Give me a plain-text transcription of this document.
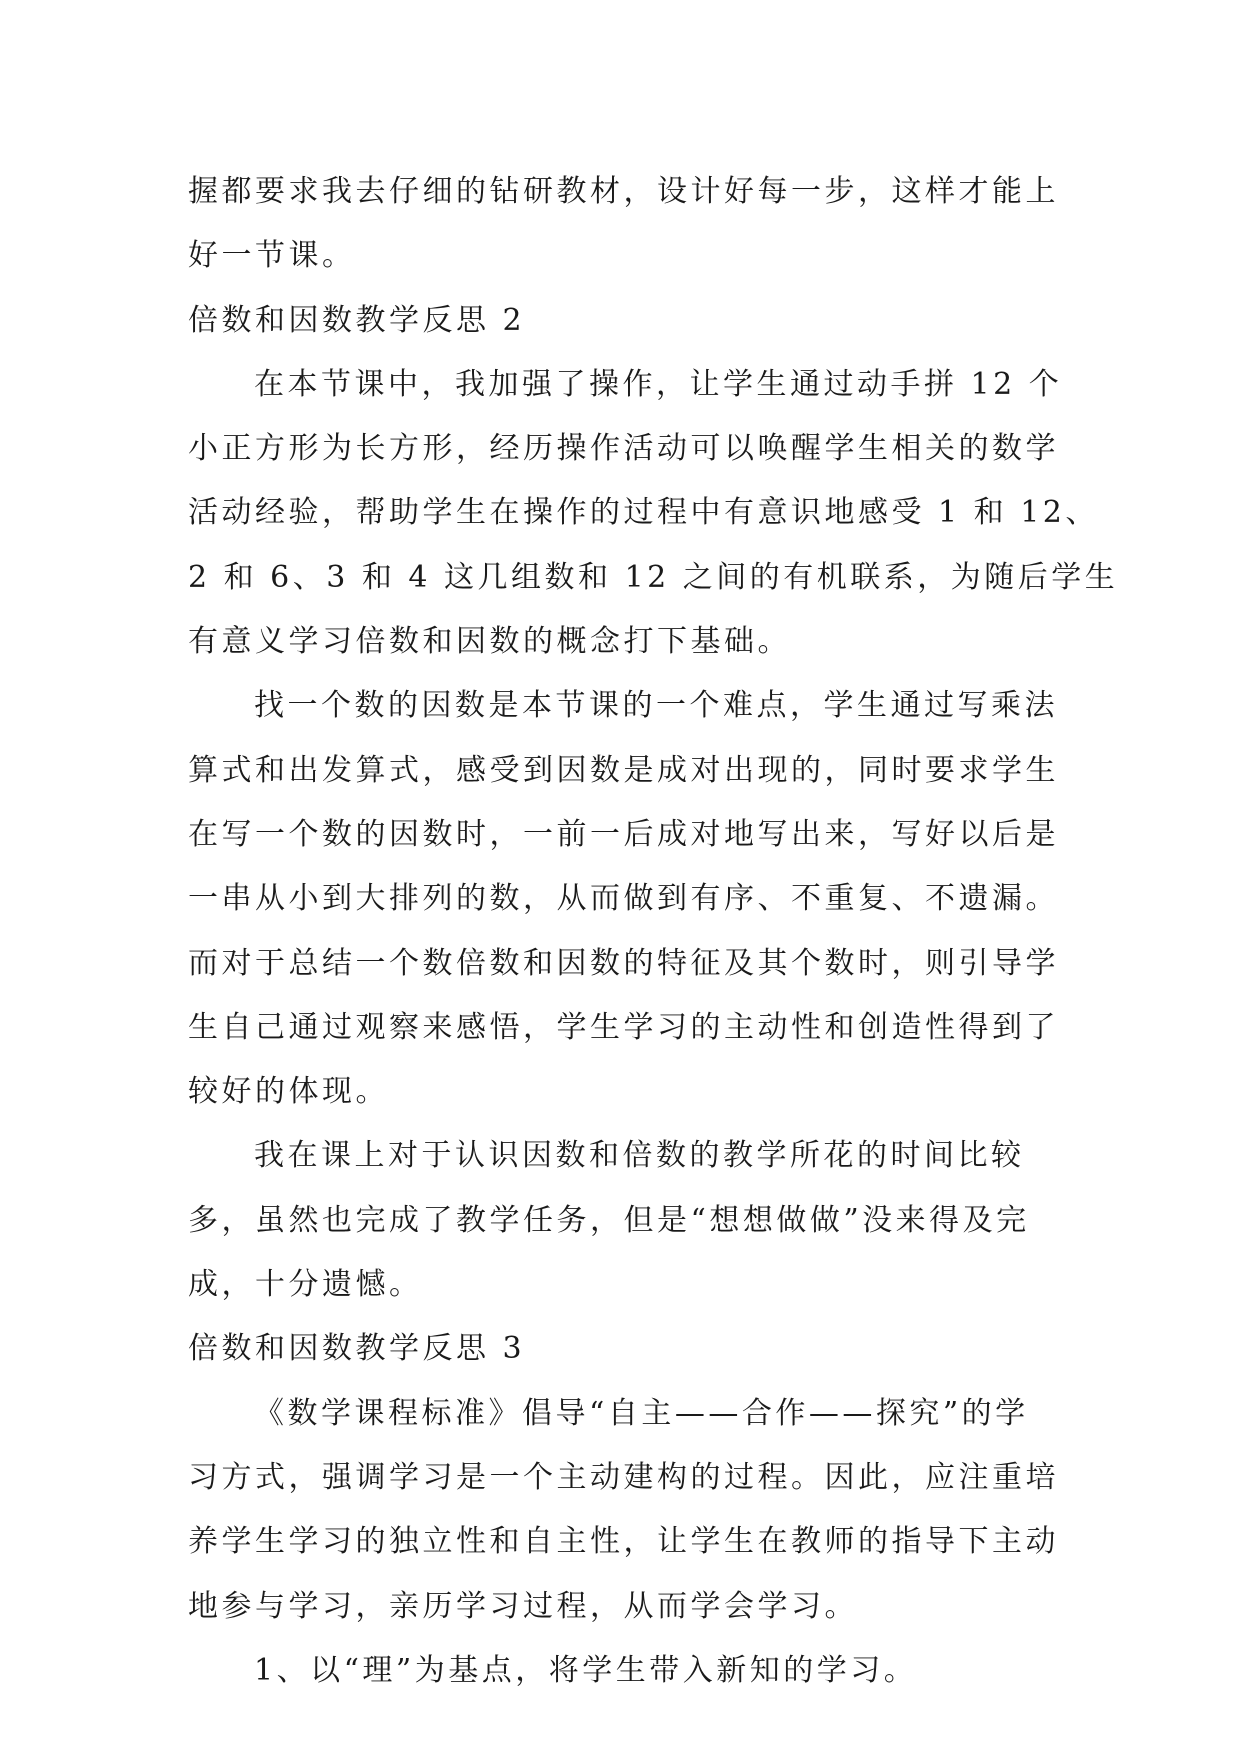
握都要求我去仔细的钻研教材，设计好每一步，这样才能上
好一节课。
倍数和因数教学反思 2
在本节课中，我加强了操作，让学生通过动手拼 12 个
小正方形为长方形，经历操作活动可以唤醒学生相关的数学
活动经验，帮助学生在操作的过程中有意识地感受 1 和 12、
2 和 6、3 和 4 这几组数和 12 之间的有机联系，为随后学生
有意义学习倍数和因数的概念打下基础。
找一个数的因数是本节课的一个难点，学生通过写乘法
算式和出发算式，感受到因数是成对出现的，同时要求学生
在写一个数的因数时，一前一后成对地写出来，写好以后是
一串从小到大排列的数，从而做到有序、不重复、不遗漏。
而对于总结一个数倍数和因数的特征及其个数时，则引导学
生自己通过观察来感悟，学生学习的主动性和创造性得到了
较好的体现。
我在课上对于认识因数和倍数的教学所花的时间比较
多，虽然也完成了教学任务，但是“想想做做”没来得及完
成，十分遗憾。
倍数和因数教学反思 3
《数学课程标准》倡导“自主——合作——探究”的学
习方式，强调学习是一个主动建构的过程。因此，应注重培
养学生学习的独立性和自主性，让学生在教师的指导下主动
地参与学习，亲历学习过程，从而学会学习。
1、以“理”为基点，将学生带入新知的学习。
